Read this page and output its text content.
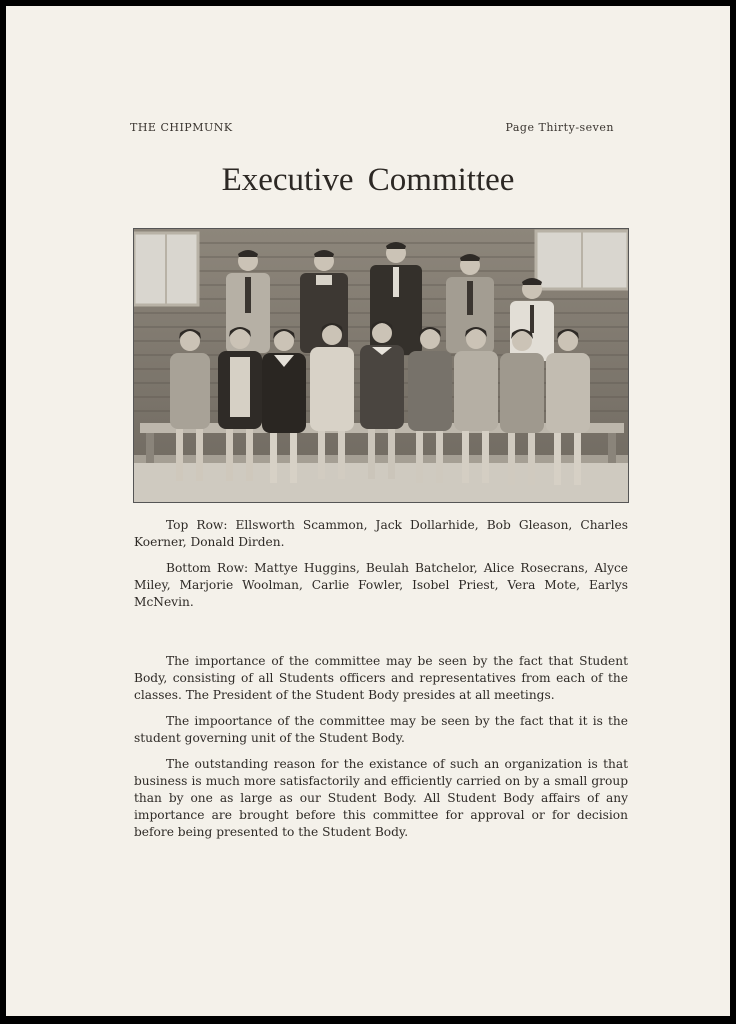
THE CHIPMUNK	Page Thirty-seven
Executive Committee

Top Row: Ellsworth Scammon, Jack Dollarhide, Bob Gleason, Charles Koerner, Donald Dirden.

Bottom Row: Mattye Huggins, Beulah Batchelor, Alice Rosecrans, Alyce Miley, Marjorie Woolman, Carlie Fowler, Isobel Priest, Vera Mote, Earlys McNevin.

The importance of the committee may be seen by the fact that Student Body, consisting of all Students officers and representatives from each of the classes. The President of the Student Body presides at all meetings.

The impoortance of the committee may be seen by the fact that it is the student governing unit of the Student Body.

The outstanding reason for the existance of such an organization is that business is much more satisfactorily and efficiently carried on by a small group than by one as large as our Student Body. All Student Body affairs of any importance are brought before this committee for approval or for decision before being presented to the Student Body.
